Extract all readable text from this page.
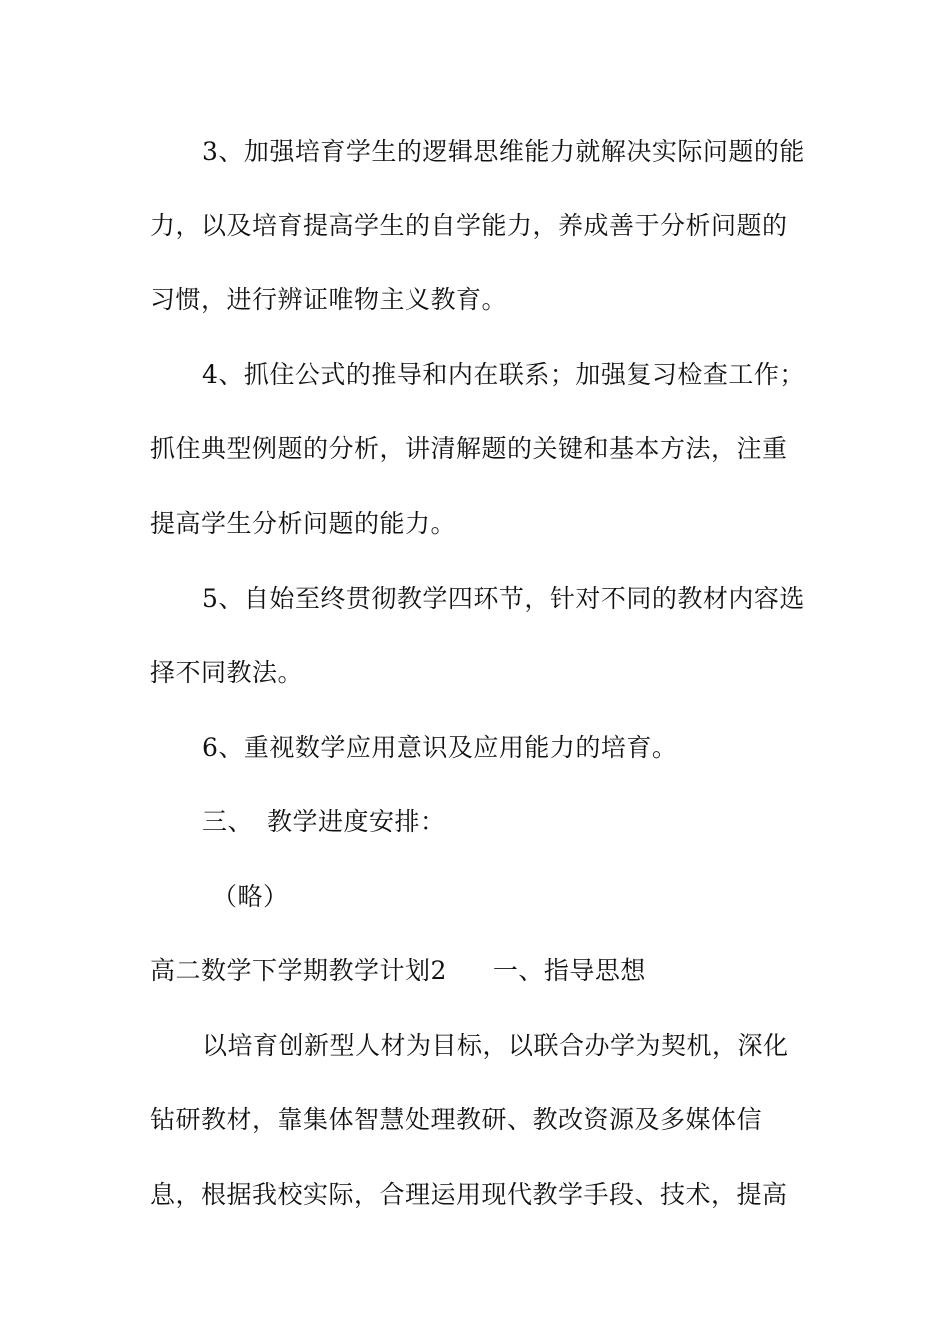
3、加强培育学生的逻辑思维能力就解决实际问题的能
力，以及培育提高学生的自学能力，养成善于分析问题的
习惯，进行辨证唯物主义教育。
4、抓住公式的推导和内在联系；加强复习检查工作；
抓住典型例题的分析，讲清解题的关键和基本方法，注重
提高学生分析问题的能力。
5、自始至终贯彻教学四环节，针对不同的教材内容选
择不同教法。
6、重视数学应用意识及应用能力的培育。
三、 教学进度安排：
（略）
高二数学下学期教学计划2 一、指导思想
以培育创新型人材为目标，以联合办学为契机，深化
钻研教材，靠集体智慧处理教研、教改资源及多媒体信
息，根据我校实际，合理运用现代教学手段、技术，提高
